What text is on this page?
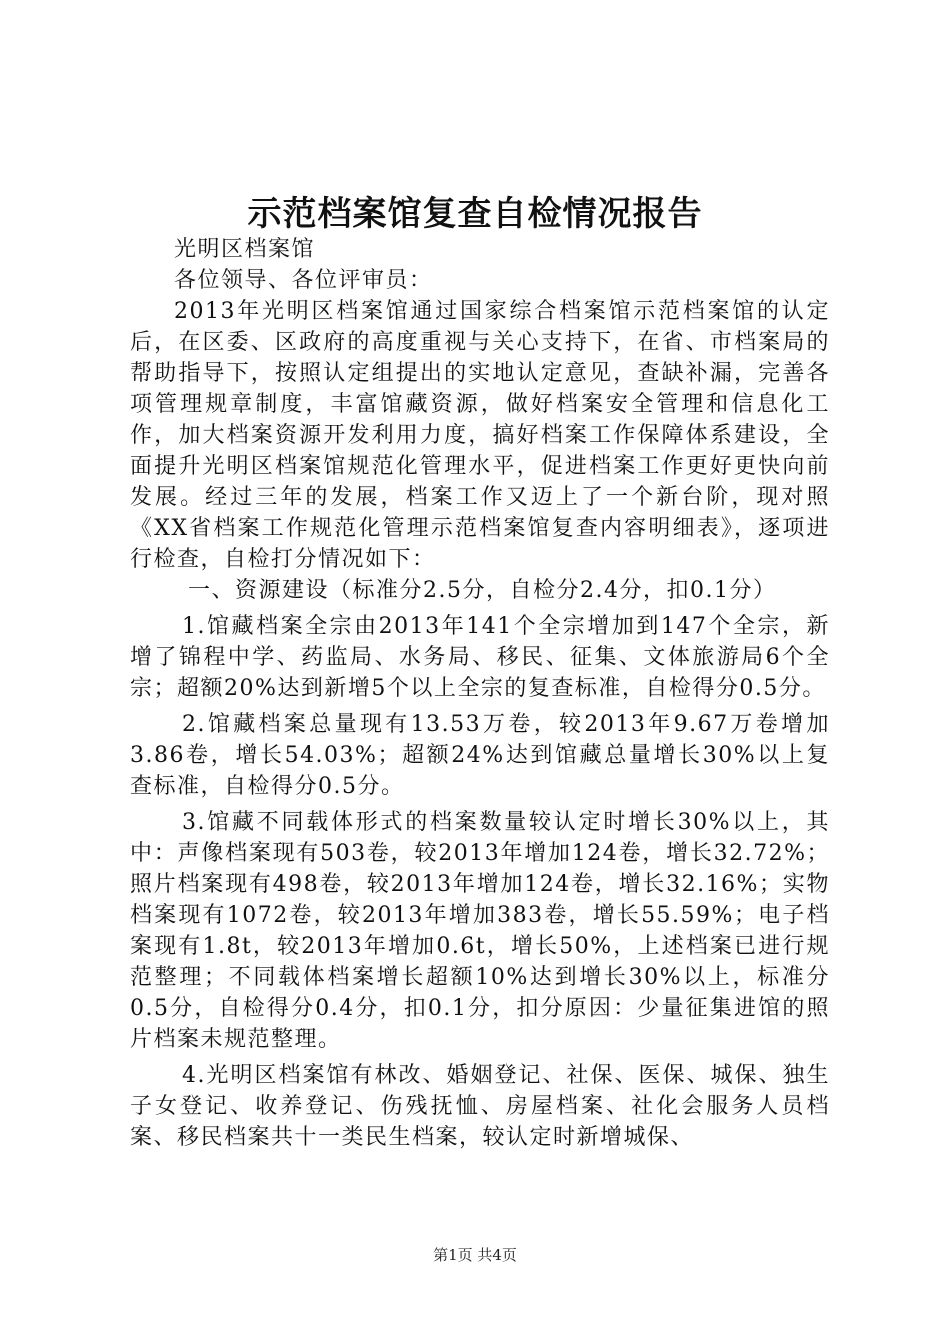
示范档案馆复查自检情况报告

光明区档案馆

各位领导、各位评审员：

2013年光明区档案馆通过国家综合档案馆示范档案馆的认定后，在区委、区政府的高度重视与关心支持下，在省、市档案局的帮助指导下，按照认定组提出的实地认定意见，查缺补漏，完善各项管理规章制度，丰富馆藏资源，做好档案安全管理和信息化工作，加大档案资源开发利用力度，搞好档案工作保障体系建设，全面提升光明区档案馆规范化管理水平，促进档案工作更好更快向前发展。经过三年的发展，档案工作又迈上了一个新台阶，现对照《XX省档案工作规范化管理示范档案馆复查内容明细表》，逐项进行检查，自检打分情况如下：

一、资源建设（标准分2.5分，自检分2.4分，扣0.1分）

1.馆藏档案全宗由2013年141个全宗增加到147个全宗，新增了锦程中学、药监局、水务局、移民、征集、文体旅游局6个全宗；超额20%达到新增5个以上全宗的复查标准，自检得分0.5分。

2.馆藏档案总量现有13.53万卷，较2013年9.67万卷增加3.86卷，增长54.03%；超额24%达到馆藏总量增长30%以上复查标准，自检得分0.5分。

3.馆藏不同载体形式的档案数量较认定时增长30%以上，其中：声像档案现有503卷，较2013年增加124卷，增长32.72%；照片档案现有498卷，较2013年增加124卷，增长32.16%；实物档案现有1072卷，较2013年增加383卷，增长55.59%；电子档案现有1.8t，较2013年增加0.6t，增长50%，上述档案已进行规范整理；不同载体档案增长超额10%达到增长30%以上，标准分0.5分，自检得分0.4分，扣0.1分，扣分原因：少量征集进馆的照片档案未规范整理。

4.光明区档案馆有林改、婚姻登记、社保、医保、城保、独生子女登记、收养登记、伤残抚恤、房屋档案、社化会服务人员档案、移民档案共十一类民生档案，较认定时新增城保、

第1页 共4页
